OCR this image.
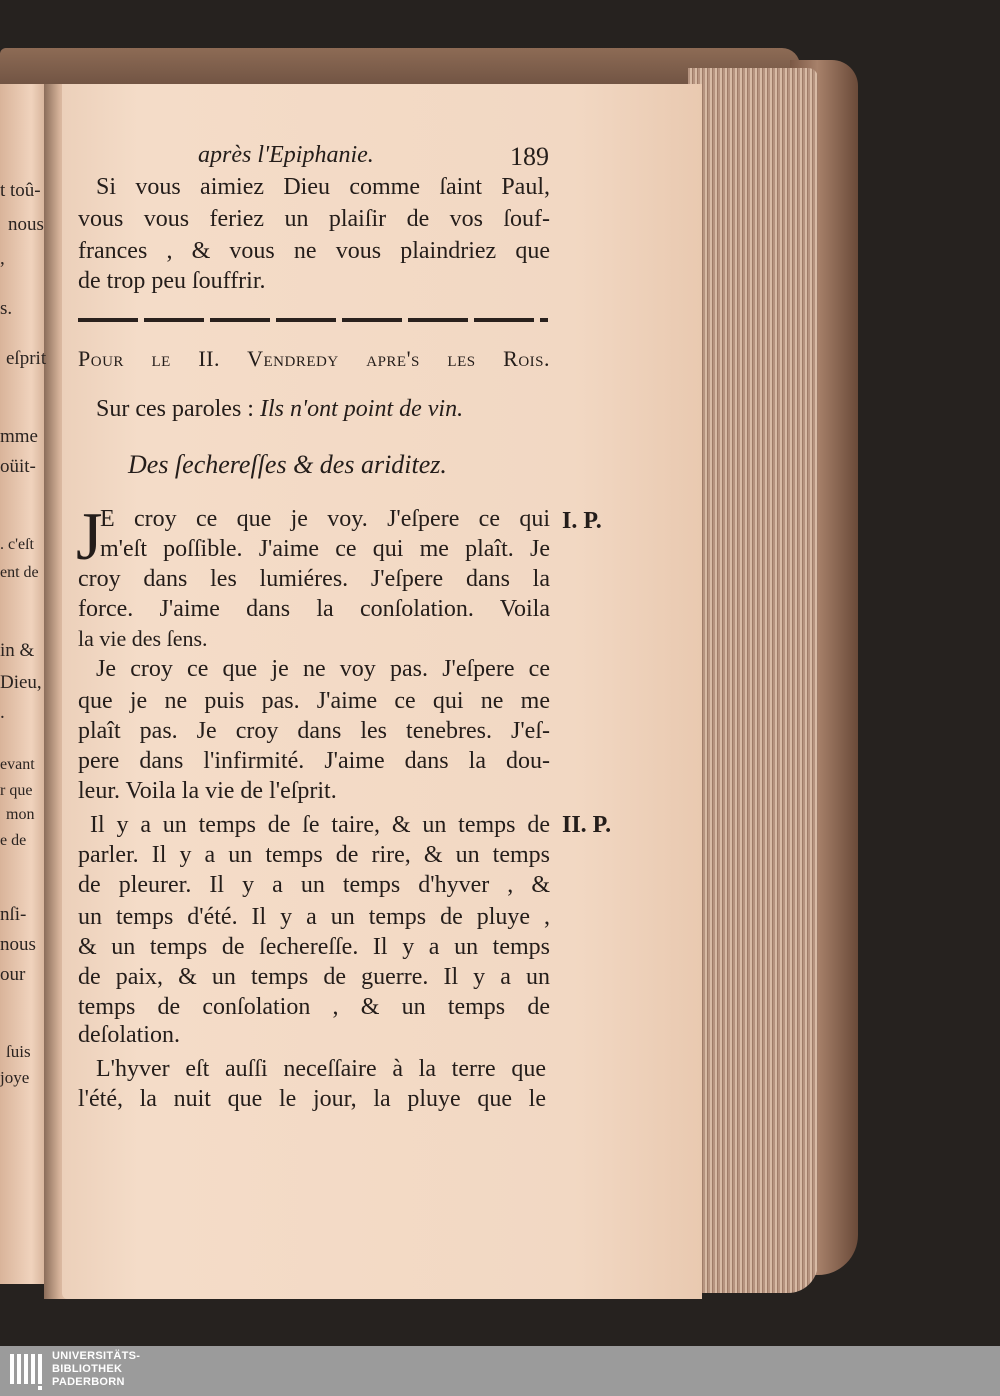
t toû-
nous
,
s.
eſprit
mme
oüit-
. c'eſt
ent de
in &
Dieu,
.
evant
r que
mon
e de
nſi-
nous
our
ſuis
joye
après l'Epiphanie.	189
Si vous aimiez Dieu comme ſaint Paul,
vous vous feriez un plaiſir de vos ſouf-
frances , & vous ne vous plaindriez que
de trop peu ſouffrir.
Pour le II. Vendredy apre's les Rois.
Sur ces paroles : Ils n'ont point de vin.
Des ſechereſſes & des ariditez.
J
E croy ce que je voy. J'eſpere ce qui
m'eſt poſſible. J'aime ce qui me plaît. Je
croy dans les lumiéres. J'eſpere dans la
force. J'aime dans la conſolation. Voila
la vie des ſens.
I. P.
Je croy ce que je ne voy pas. J'eſpere ce
que je ne puis pas. J'aime ce qui ne me
plaît pas. Je croy dans les tenebres. J'eſ-
pere dans l'infirmité. J'aime dans la dou-
leur. Voila la vie de l'eſprit.
Il y a un temps de ſe taire, & un temps de
parler. Il y a un temps de rire, & un temps
de pleurer. Il y a un temps d'hyver , &
un temps d'été. Il y a un temps de pluye ,
& un temps de ſechereſſe. Il y a un temps
de paix, & un temps de guerre. Il y a un
temps de conſolation , & un temps de
deſolation.
II. P.
L'hyver eſt auſſi neceſſaire à la terre que
l'été, la nuit que le jour, la pluye que le
UNIVERSITÄTS-
BIBLIOTHEK
PADERBORN
